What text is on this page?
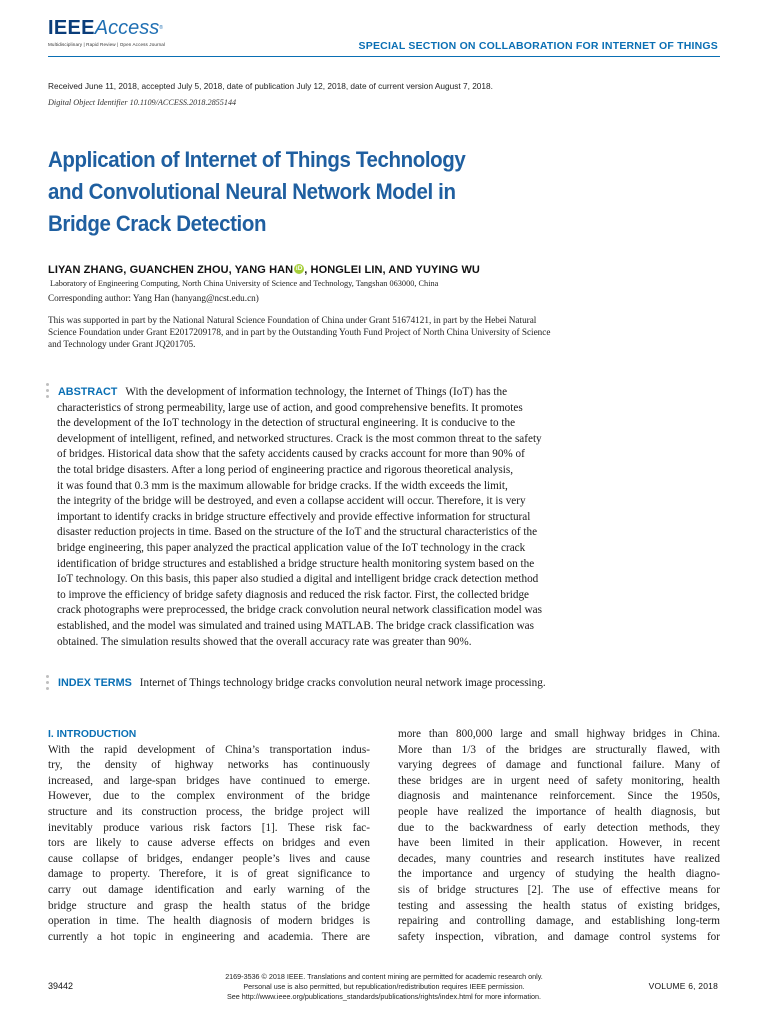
IEEEAccess®
Multidisciplinary | Rapid Review | Open Access Journal	SPECIAL SECTION ON COLLABORATION FOR INTERNET OF THINGS
Received June 11, 2018, accepted July 5, 2018, date of publication July 12, 2018, date of current version August 7, 2018.
Digital Object Identifier 10.1109/ACCESS.2018.2855144
Application of Internet of Things Technology
and Convolutional Neural Network Model in
Bridge Crack Detection
LIYAN ZHANG, GUANCHEN ZHOU, YANG HAN iD , HONGLEI LIN, AND YUYING WU
Laboratory of Engineering Computing, North China University of Science and Technology, Tangshan 063000, China
Corresponding author: Yang Han (hanyang@ncst.edu.cn)
This was supported in part by the National Natural Science Foundation of China under Grant 51674121, in part by the Hebei Natural
Science Foundation under Grant E2017209178, and in part by the Outstanding Youth Fund Project of North China University of Science
and Technology under Grant JQ201705.
ABSTRACT With the development of information technology, the Internet of Things (IoT) has the
characteristics of strong permeability, large use of action, and good comprehensive benefits. It promotes
the development of the IoT technology in the detection of structural engineering. It is conducive to the
development of intelligent, refined, and networked structures. Crack is the most common threat to the safety
of bridges. Historical data show that the safety accidents caused by cracks account for more than 90% of
the total bridge disasters. After a long period of engineering practice and rigorous theoretical analysis,
it was found that 0.3 mm is the maximum allowable for bridge cracks. If the width exceeds the limit,
the integrity of the bridge will be destroyed, and even a collapse accident will occur. Therefore, it is very
important to identify cracks in bridge structure effectively and provide effective information for structural
disaster reduction projects in time. Based on the structure of the IoT and the structural characteristics of the
bridge engineering, this paper analyzed the practical application value of the IoT technology in the crack
identification of bridge structures and established a bridge structure health monitoring system based on the
IoT technology. On this basis, this paper also studied a digital and intelligent bridge crack detection method
to improve the efficiency of bridge safety diagnosis and reduced the risk factor. First, the collected bridge
crack photographs were preprocessed, the bridge crack convolution neural network classification model was
established, and the model was simulated and trained using MATLAB. The bridge crack classification was
obtained. The simulation results showed that the overall accuracy rate was greater than 90%.
INDEX TERMS Internet of Things technology bridge cracks convolution neural network image processing.
I. INTRODUCTION
With the rapid development of China’s transportation indus-
try, the density of highway networks has continuously
increased, and large-span bridges have continued to emerge.
However, due to the complex environment of the bridge
structure and its construction process, the bridge project will
inevitably produce various risk factors [1]. These risk fac-
tors are likely to cause adverse effects on bridges and even
cause collapse of bridges, endanger people’s lives and cause
damage to property. Therefore, it is of great significance to
carry out damage identification and early warning of the
bridge structure and grasp the health status of the bridge
operation in time. The health diagnosis of modern bridges is
currently a hot topic in engineering and academia. There are
more than 800,000 large and small highway bridges in China.
More than 1/3 of the bridges are structurally flawed, with
varying degrees of damage and functional failure. Many of
these bridges are in urgent need of safety monitoring, health
diagnosis and maintenance reinforcement. Since the 1950s,
people have realized the importance of health diagnosis, but
due to the backwardness of early detection methods, they
have been limited in their application. However, in recent
decades, many countries and research institutes have realized
the importance and urgency of studying the health diagno-
sis of bridge structures [2]. The use of effective means for
testing and assessing the health status of existing bridges,
repairing and controlling damage, and establishing long-term
safety inspection, vibration, and damage control systems for
39442
2169-3536 © 2018 IEEE. Translations and content mining are permitted for academic research only.
Personal use is also permitted, but republication/redistribution requires IEEE permission.
See http://www.ieee.org/publications_standards/publications/rights/index.html for more information.
VOLUME 6, 2018
